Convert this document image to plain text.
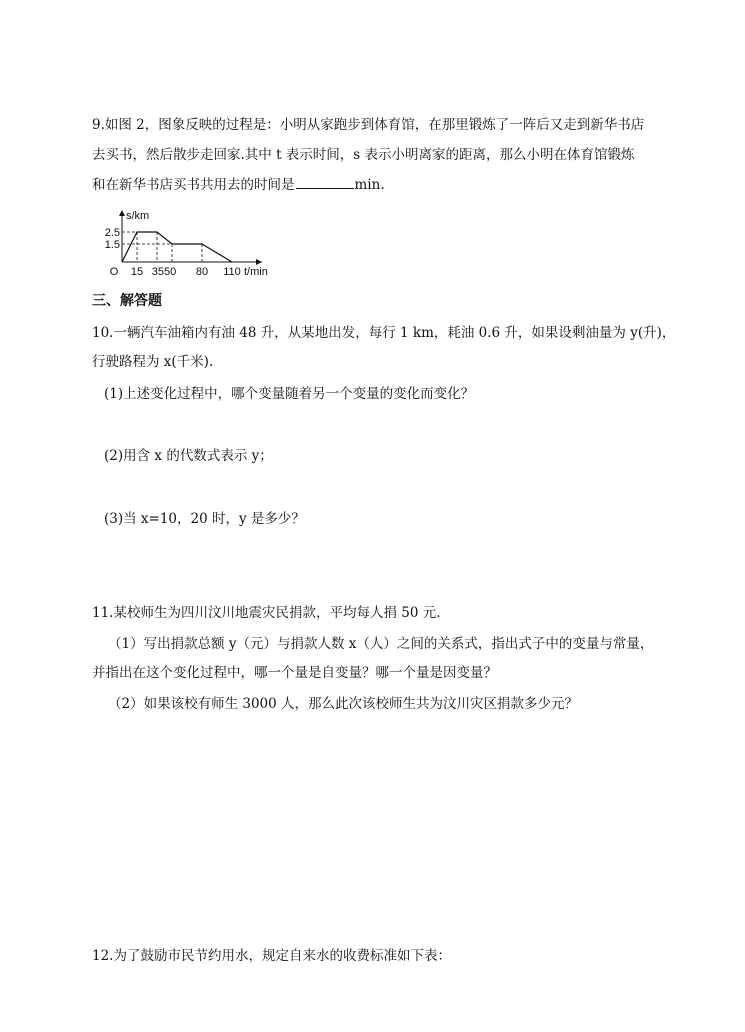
9.如图 2，图象反映的过程是：小明从家跑步到体育馆，在那里锻炼了一阵后又走到新华书店
去买书，然后散步走回家.其中 t 表示时间，s 表示小明离家的距离，那么小明在体育馆锻炼
和在新华书店买书共用去的时间是	min.
s/km
2.5
1.5
O 15 3550 80 110 t/min
三、解答题
10.一辆汽车油箱内有油 48 升，从某地出发，每行 1 km，耗油 0.6 升，如果设剩油量为 y(升)，
行驶路程为 x(千米).
(1)上述变化过程中，哪个变量随着另一个变量的变化而变化？
(2)用含 x 的代数式表示 y；
(3)当 x=10，20 时，y 是多少？
11.某校师生为四川汶川地震灾民捐款，平均每人捐 50 元.
（1）写出捐款总额 y（元）与捐款人数 x（人）之间的关系式，指出式子中的变量与常量，
并指出在这个变化过程中，哪一个量是自变量？哪一个量是因变量？
（2）如果该校有师生 3000 人，那么此次该校师生共为汶川灾区捐款多少元？
12.为了鼓励市民节约用水，规定自来水的收费标准如下表：
